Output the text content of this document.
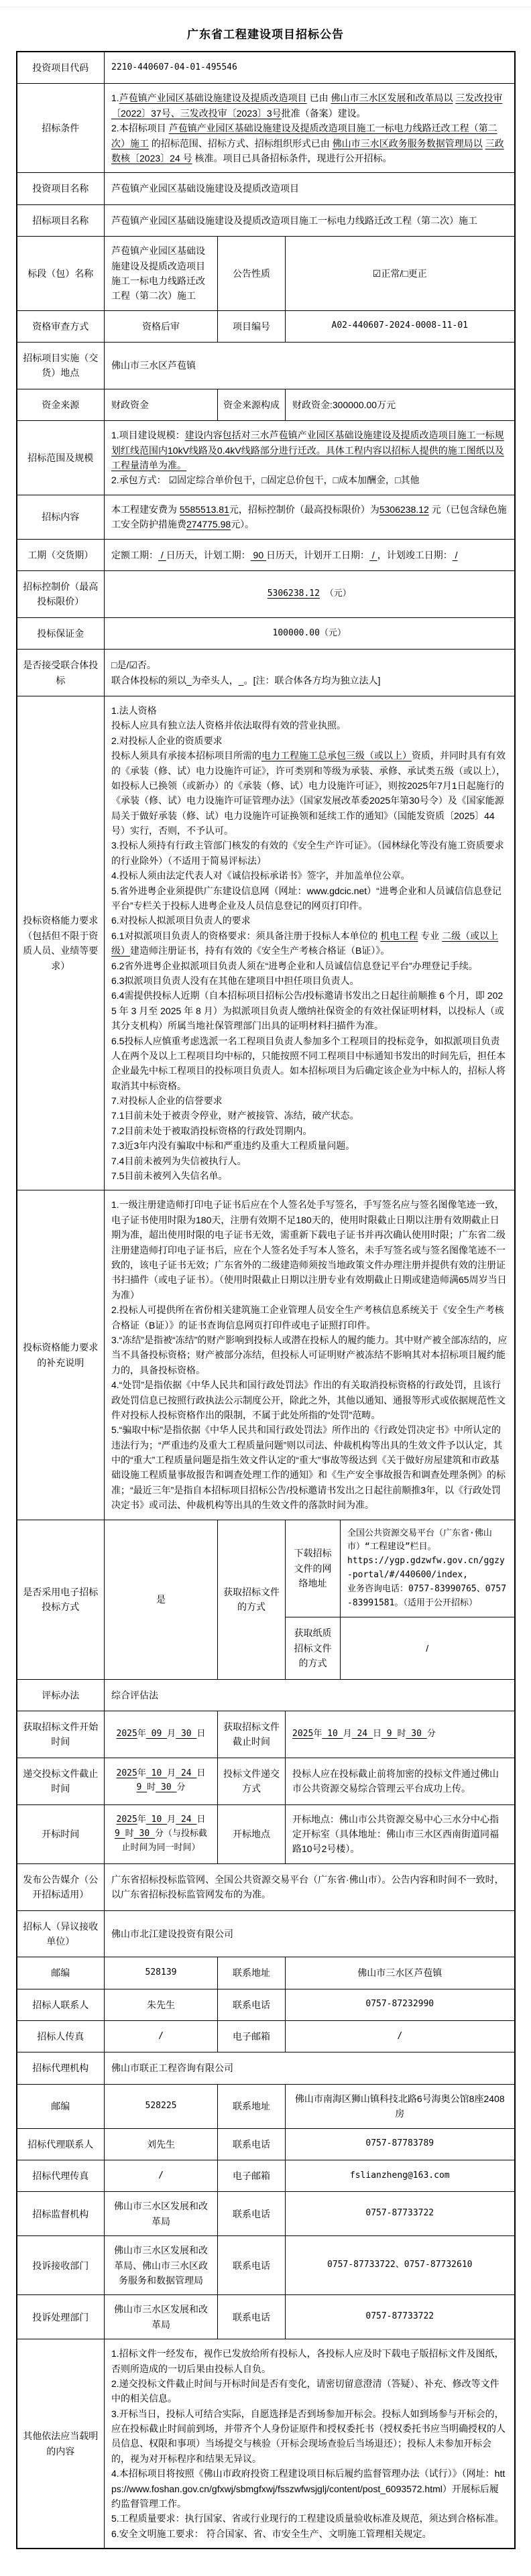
广东省工程建设项目招标公告
投资项目代码	2210-440607-04-01-495546			
招标条件	1.芦苞镇产业园区基础设施建设及提质改造项目 已由 佛山市三水区发展和改革局以 三发改投审〔2022〕37号、三发改投审〔2023〕3号批准（备案）建设。
2.本招标项目 芦苞镇产业园区基础设施建设及提质改造项目施工一标电力线路迁改工程（第二次）施工 的招标范围、招标方式、招标组织形式已由 佛山市三水区政务服务数据管理局以 三政数核〔2023〕24 号 核准。项目已具备招标条件，现进行公开招标。			

投资项目名称	芦苞镇产业园区基础设施建设及提质改造项目			
招标项目名称	芦苞镇产业园区基础设施建设及提质改造项目施工一标电力线路迁改工程（第二次）施工			
标段（包）名称	芦苞镇产业园区基础设施建设及提质改造项目施工一标电力线路迁改工程（第二次）施工	公告性质	☑正常/□更正	
资格审查方式	资格后审	项目编号	A02-440607-2024-0008-11-01	
招标项目实施（交货）地点	佛山市三水区芦苞镇			
资金来源	财政资金	资金来源构成	财政资金:300000.00万元	
招标范围及规模	1.项目建设规模：建设内容包括对三水芦苞镇产业园区基础设施建设及提质改造项目施工一标规划红线范围内10kV线路及0.4kV线路部分进行迁改。具体工程内容以招标人提供的施工图纸以及工程量清单为准。
2.承包方式： ☑固定综合单价包干，□固定总价包干，□成本加酬金，□其他			

招标内容	本工程建安费为 5585513.81元，招标控制价（最高投标限价）为5306238.12 元（已包含绿色施工安全防护措施费274775.98元）。			

工期（交货期）	定额工期： / 日历天，计划工期： 90 日历天，计划开工日期： / ，计划竣工日期： /			

招标控制价（最高投标限价）	5306238.12 （元）			

投标保证金	100000.00（元）			
是否接受联合体投标	□是/☑否。
联合体投标的须以_为牵头人，_。[注：联合体各方均为独立法人]			

投标资格能力要求（包括但不限于资质人员、业绩等要求）	
1.法人资格
投标人应具有独立法人资格并依法取得有效的营业执照。
2.对投标人企业的资质要求
投标人须具有承接本招标项目所需的电力工程施工总承包三级（或以上）资质，并同时具有有效的《承装（修、试）电力设施许可证》，许可类别和等级为承装、承修、承试类五级（或以上），如投标人已换领（或新办）的《承装（修、试）电力设施许可证》，则按2025年7月1日起施行的《承装（修、试）电力设施许可证管理办法》（国家发展改革委2025年第30号令）及《国家能源局关于做好承装（修、试）电力设施许可证换领和延续工作的通知》（国能发资质〔2025〕44号）实行，否则，不予认可。
3.投标人须持有行政主管部门核发的有效的《安全生产许可证》。（园林绿化等没有施工资质要求的行业除外）（不适用于简易评标法）
4.投标人须由法定代表人对《诚信投标承诺书》签字，并加盖单位公章。
5.省外进粤企业须提供广东建设信息网（网址：www.gdcic.net）“进粤企业和人员诚信信息登记平台”专栏关于投标人进粤企业及人员信息登记的网页打印件。
6.对投标人拟派项目负责人的要求
6.1对拟派项目负责人的资格要求：须具备注册于投标人本单位的 机电工程 专业 二级（或以上级）建造师注册证书，持有有效的《安全生产考核合格证（B证）》。
6.2省外进粤企业拟派项目负责人须在“进粤企业和人员诚信信息登记平台”办理登记手续。
6.3拟派项目负责人没有在其他在建项目中担任项目负责人。
6.4需提供投标人近期（自本招标项目招标公告/投标邀请书发出之日起往前顺推 6 个月，即 2025 年 3 月至 2025 年 8 月）为拟派项目负责人缴纳社保资金的有效社保证明材料，以投标人（或其分支机构）所属当地社保管理部门出具的证明材料扫描件为准。
6.5投标人应慎重考虑选派一名工程项目负责人参加多个工程项目的投标竞争，如拟派项目负责人在两个及以上工程项目均中标的，只能按照不同工程项目中标通知书发出的时间先后，担任本企业最先中标工程项目的投标项目负责人。如本招标项目为后确定该企业为中标人的，招标人将取消其中标资格。
7.对投标人企业的信誉要求
7.1目前未处于被责令停业，财产被接管、冻结，破产状态。
7.2目前未处于被取消投标资格的行政处罚期内。
7.3近3年内没有骗取中标和严重违约及重大工程质量问题。
7.4目前未被列为失信被执行人。
7.5目前未被列入失信名单。

投标资格能力要求的补充说明	1.一级注册建造师打印电子证书后应在个人签名处手写签名，手写签名应与签名图像笔迹一致，电子证书使用时限为180天，注册有效期不足180天的，使用时限截止日期以注册有效期截止日期为准，超出使用时限的电子证书无效，需重新下载电子证书并再次确认使用时限；广东省二级注册建造师打印电子证书后，应在个人签名处手写本人签名，未手写签名或与签名图像笔迹不一致的，该电子证书无效；广东省外的二级建造师须按当地政策文件办理注册并提供有效的注册证书扫描件（或电子证书）。（使用时限截止日期以注册专业有效期截止日期或建造师满65周岁当日为准）
2.投标人可提供所在省份相关建筑施工企业管理人员安全生产考核信息系统关于《安全生产考核合格证（B证）》的证书查询信息网页打印件或电子证照打印件。
3.“冻结”是指被“冻结”的财产影响到投标人或潜在投标人的履约能力。其中财产被全部冻结的，应当不具备投标资格；财产被部分冻结，但投标人可证明财产被冻结不影响其对本招标项目履约能力的，具备投标资格。
4.“处罚”是指依据《中华人民共和国行政处罚法》作出的有关取消投标资格的行政处罚，且该行政处罚信息已按照行政执法公示制度公开，除此之外，其他以通知、通报等形式或依据规范性文件对投标人投标资格作出的限制，不属于此处所指的“处罚”范畴。
5.“骗取中标”是指依据《中华人民共和国行政处罚法》所作出的《行政处罚决定书》中所认定的违法行为；“严重违约及重大工程质量问题”则以司法、仲裁机构等出具的生效文件予以认定，其中的“重大”工程质量问题是指生效文件认定的“重大”事故等级达到《关于做好房屋建筑和市政基础设施工程质量事故报告和调查处理工作的通知》和《生产安全事故报告和调查处理条例》的标准；“最近三年”是指自本招标项目招标公告/投标邀请书发出之日起往前顺推3年，以《行政处罚决定书》或司法、仲裁机构等出具的生效文件的落款时间为准。			

是否采用电子招标投标方式	是	获取招标文件的方式	下载招标文件的网络地址	全国公共资源交易平台（广东省·佛山市）“工程建设”栏目。
https://ygp.gdzwfw.gov.cn/ggzy-portal/#/440600/index,
业务咨询电话：0757-83990765、0757-83991581。（适用于公开招标）

			获取纸质招标文件的方式	/
评标办法	综合评估法			
获取招标文件开始时间	2025年 09 月 30 日	获取招标文件截止时间	2025年 10 月 24 日 9 时 30 分	

递交投标文件截止时间	2025年 10 月 24 日 9 时 30 分	投标文件递交方式	投标人应在投标截止前将加密的投标文件通过佛山市公共资源交易综合管理云平台成功上传。	
开标时间	2025年 10 月 24 日 9 时 30 分（与投标截止时间为同一时间）	开标地点	开标地点：佛山市公共资源交易中心三水分中心指定开标室（具体地址：佛山市三水区西南街道同福路10号2号楼）。	
发布公告媒介（公开招标适用）	广东省招标投标监管网、全国公共资源交易平台（广东省·佛山市）。公告内容和时间不一致时，以广东省招标投标监管网发布的为准。			
招标人（异议接收单位）	佛山市北江建设投资有限公司			
邮编	528139	联系地址	佛山市三水区芦苞镇	
招标人联系人	朱先生	联系电话	0757-87232990	
招标人传真	/	电子邮箱	/	
招标代理机构	佛山市联正工程咨询有限公司			
邮编	528225	联系地址	佛山市南海区狮山镇科技北路6号海奥公馆8座2408房	
招标代理联系人	刘先生	联系电话	0757-87783789	
招标代理传真	/	电子邮箱	fslianzheng@163.com	
招标监督机构	佛山市三水区发展和改革局	联系电话	0757-87733722	
投诉接收部门	佛山市三水区发展和改革局、佛山市三水区政务服务和数据管理局	联系电话	0757-87733722、0757-87732610	
投诉处理部门	佛山市三水区发展和改革局	联系电话	0757-87733722	
其他依法应当载明的内容	
1.招标文件一经发布，视作已发放给所有投标人，各投标人应及时下载电子版招标文件及图纸，否则所造成的一切后果由投标人自负。
2.递交投标文件截止时间与开标时间是否有变化，请密切留意澄清（答疑）、补充、修改等文件中的相关信息。
3.开标当日，投标人可结合实际，自愿选择是否到场参加开标会。投标人如到场参与开标会的，应在投标截止时间前到场，并带齐个人身份证原件和授权委托书（授权委托书应当明确授权的人员信息、权限和事项）当场提交与核验（开标会现场查验后当场退还）；投标人未参加开标会的，视为对开标程序和结果无异议。
4.本招标项目将按照《佛山市政府投资工程建设项目标后履约监督管理办法（试行）》（网址：https://www.foshan.gov.cn/gfxwj/sbmgfxwj/fsszwfwsjglj/content/post_6093572.html）开展标后履约监督管理工作。
5.工程质量要求：执行国家、省或行业现行的工程建设质量验收标准及规范，须达到合格标准。
6.安全文明施工要求： 符合国家、省、市安全生产、文明施工管理相关规定。
